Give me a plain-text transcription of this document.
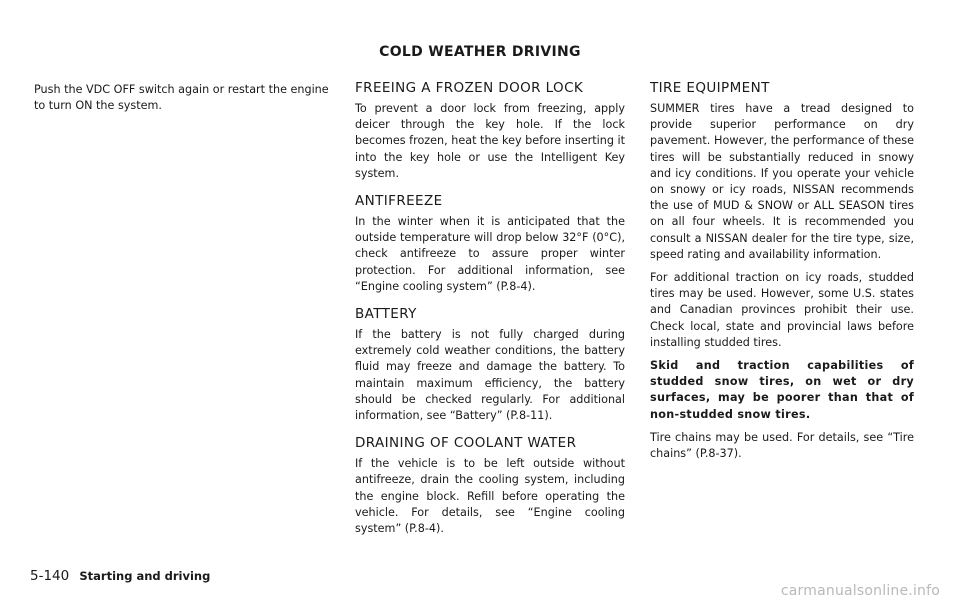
COLD WEATHER DRIVING

Push the VDC OFF switch again or restart the engine to turn ON the system.

FREEING A FROZEN DOOR LOCK

To prevent a door lock from freezing, apply deicer through the key hole. If the lock becomes frozen, heat the key before inserting it into the key hole or use the Intelligent Key system.

ANTIFREEZE

In the winter when it is anticipated that the outside temperature will drop below 32°F (0°C), check antifreeze to assure proper winter protection. For additional information, see “Engine cooling system” (P.8-4).

BATTERY

If the battery is not fully charged during extremely cold weather conditions, the battery fluid may freeze and damage the battery. To maintain maximum efficiency, the battery should be checked regularly. For additional information, see “Battery” (P.8-11).

DRAINING OF COOLANT WATER

If the vehicle is to be left outside without antifreeze, drain the cooling system, including the engine block. Refill before operating the vehicle. For details, see “Engine cooling system” (P.8-4).

TIRE EQUIPMENT

SUMMER tires have a tread designed to provide superior performance on dry pavement. However, the performance of these tires will be substantially reduced in snowy and icy conditions. If you operate your vehicle on snowy or icy roads, NISSAN recommends the use of MUD & SNOW or ALL SEASON tires on all four wheels. It is recommended you consult a NISSAN dealer for the tire type, size, speed rating and availability information.

For additional traction on icy roads, studded tires may be used. However, some U.S. states and Canadian provinces prohibit their use. Check local, state and provincial laws before installing studded tires.

Skid and traction capabilities of studded snow tires, on wet or dry surfaces, may be poorer than that of non-studded snow tires.

Tire chains may be used. For details, see “Tire chains” (P.8-37).

5-140 Starting and driving
carmanualsonline.info
